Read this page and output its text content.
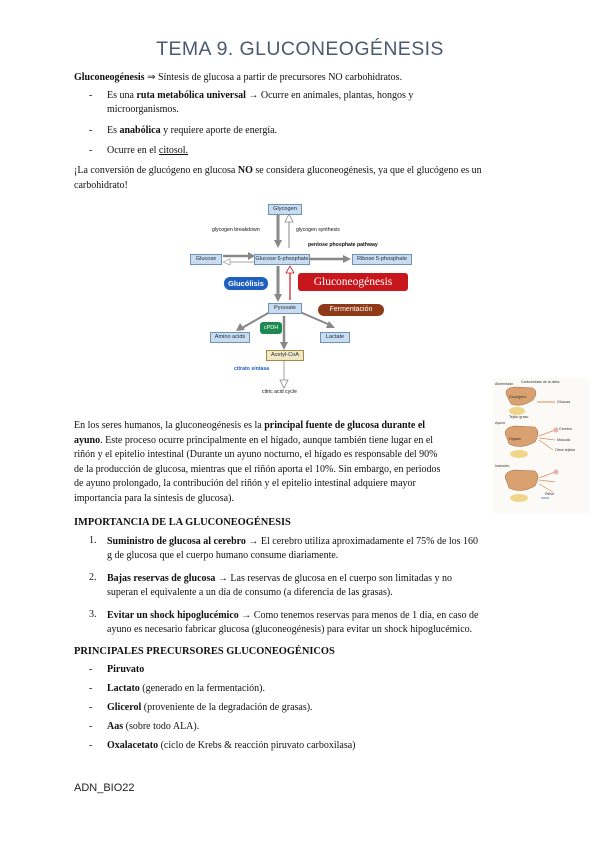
TEMA 9. GLUCONEOGÉNESIS
Gluconeogénesis ⇒ Síntesis de glucosa a partir de precursores NO carbohidratos.
- Es una ruta metabólica universal → Ocurre en animales, plantas, hongos y
microorganismos.
- Es anabólica y requiere aporte de energía.
- Ocurre en el citosol.
¡La conversión de glucógeno en glucosa NO se considera gluconeogénesis, ya que el glucógeno es un
carbohidrato!
Glycogen
glycogen breakdown	glycogen synthesis
pentose phosphate pathway
Glucose	Glucose 6-phosphate	Ribose 5-phosphate
Glucólisis	Gluconeogénesis
Pyruvate	Fermentación
cPDH
Amino acids	Lactate
Acetyl-CoA
citrato sintasa
citric acid cycle
Alimentado Carbohidrato de la dieta
Glucosa
Glucógeno
Tejido graso
Ayuno
Hígado
Cerebro
Músculo
Otros tejidos
Inanición
Riñón
En los seres humanos, la gluconeogénesis es la principal fuente de glucosa durante el
ayuno. Este proceso ocurre principalmente en el hígado, aunque también tiene lugar en el
riñón y el epitelio intestinal (Durante un ayuno nocturno, el hígado es responsable del 90%
de la producción de glucosa, mientras que el riñón aporta el 10%. Sin embargo, en periodos
de ayuno prolongado, la contribución del riñón y el epitelio intestinal adquiere mayor
importancia para la síntesis de glucosa).
IMPORTANCIA DE LA GLUCONEOGÉNESIS
1. Suministro de glucosa al cerebro → El cerebro utiliza aproximadamente el 75% de los 160
g de glucosa que el cuerpo humano consume diariamente.
2. Bajas reservas de glucosa → Las reservas de glucosa en el cuerpo son limitadas y no
superan el equivalente a un día de consumo (a diferencia de las grasas).
3. Evitar un shock hipoglucémico → Como tenemos reservas para menos de 1 día, en caso de
ayuno es necesario fabricar glucosa (gluconeogénesis) para evitar un shock hipoglucémico.
PRINCIPALES PRECURSORES GLUCONEOGÉNICOS
- Piruvato
- Lactato (generado en la fermentación).
- Glicerol (proveniente de la degradación de grasas).
- Aas (sobre todo ALA).
- Oxalacetato (ciclo de Krebs & reacción piruvato carboxilasa)
ADN_BIO22
